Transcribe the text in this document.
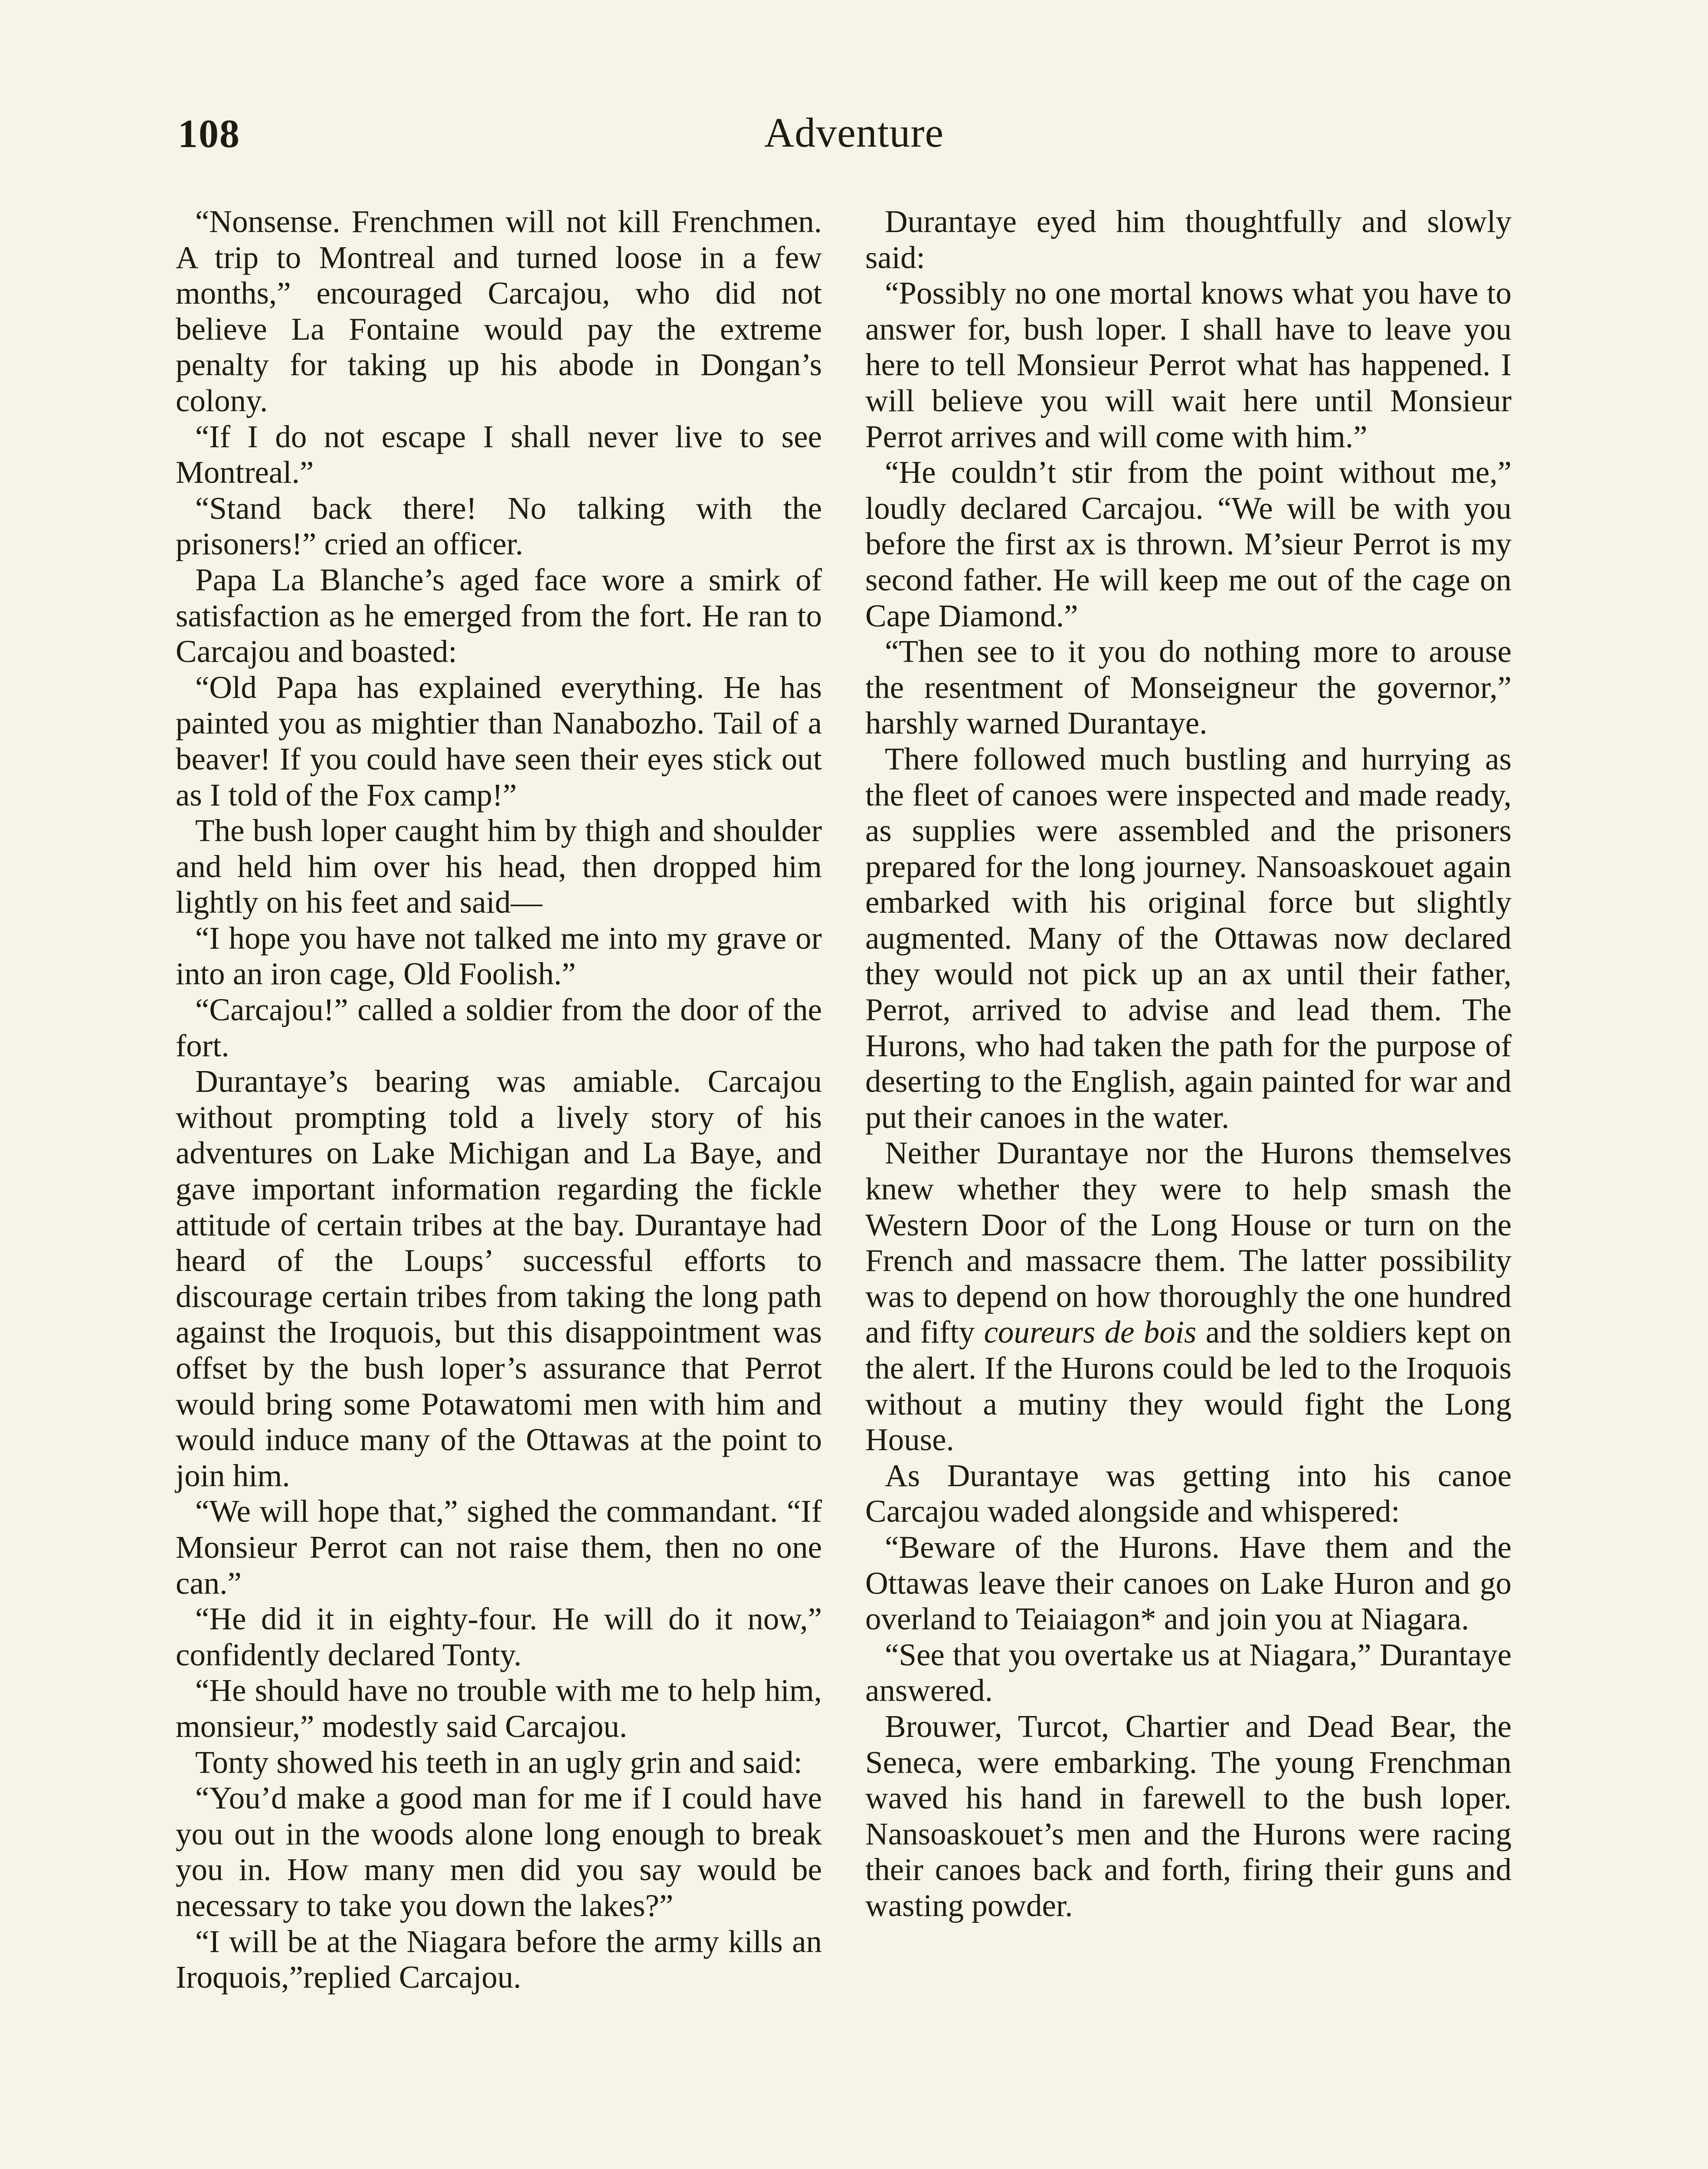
108	Adventure

“Nonsense. Frenchmen will not kill Frenchmen. A trip to Montreal and turned loose in a few months,” encouraged Carcajou, who did not believe La Fontaine would pay the extreme penalty for taking up his abode in Dongan’s colony.

“If I do not escape I shall never live to see Montreal.”

“Stand back there! No talking with the prisoners!” cried an officer.

Papa La Blanche’s aged face wore a smirk of satisfaction as he emerged from the fort. He ran to Carcajou and boasted:

“Old Papa has explained everything. He has painted you as mightier than Nanabozho. Tail of a beaver! If you could have seen their eyes stick out as I told of the Fox camp!”

The bush loper caught him by thigh and shoulder and held him over his head, then dropped him lightly on his feet and said—

“I hope you have not talked me into my grave or into an iron cage, Old Foolish.”

“Carcajou!” called a soldier from the door of the fort.

Durantaye’s bearing was amiable. Carcajou without prompting told a lively story of his adventures on Lake Michigan and La Baye, and gave important information regarding the fickle attitude of certain tribes at the bay. Durantaye had heard of the Loups’ successful efforts to discourage certain tribes from taking the long path against the Iroquois, but this disappointment was offset by the bush loper’s assurance that Perrot would bring some Potawatomi men with him and would induce many of the Ottawas at the point to join him.

“We will hope that,” sighed the commandant. “If Monsieur Perrot can not raise them, then no one can.”

“He did it in eighty-four. He will do it now,” confidently declared Tonty.

“He should have no trouble with me to help him, monsieur,” modestly said Carcajou.

Tonty showed his teeth in an ugly grin and said:

“You’d make a good man for me if I could have you out in the woods alone long enough to break you in. How many men did you say would be necessary to take you down the lakes?”

“I will be at the Niagara before the army kills an Iroquois,”replied Carcajou.

Durantaye eyed him thoughtfully and slowly said:

“Possibly no one mortal knows what you have to answer for, bush loper. I shall have to leave you here to tell Monsieur Perrot what has happened. I will believe you will wait here until Monsieur Perrot arrives and will come with him.”

“He couldn’t stir from the point without me,” loudly declared Carcajou. “We will be with you before the first ax is thrown. M’sieur Perrot is my second father. He will keep me out of the cage on Cape Diamond.”

“Then see to it you do nothing more to arouse the resentment of Monseigneur the governor,” harshly warned Durantaye.

There followed much bustling and hurrying as the fleet of canoes were inspected and made ready, as supplies were assembled and the prisoners prepared for the long journey. Nansoaskouet again embarked with his original force but slightly augmented. Many of the Ottawas now declared they would not pick up an ax until their father, Perrot, arrived to advise and lead them. The Hurons, who had taken the path for the purpose of deserting to the English, again painted for war and put their canoes in the water.

Neither Durantaye nor the Hurons themselves knew whether they were to help smash the Western Door of the Long House or turn on the French and massacre them. The latter possibility was to depend on how thoroughly the one hundred and fifty coureurs de bois and the soldiers kept on the alert. If the Hurons could be led to the Iroquois without a mutiny they would fight the Long House.

As Durantaye was getting into his canoe Carcajou waded alongside and whispered:

“Beware of the Hurons. Have them and the Ottawas leave their canoes on Lake Huron and go overland to Teiaiagon* and join you at Niagara.

“See that you overtake us at Niagara,” Durantaye answered.

Brouwer, Turcot, Chartier and Dead Bear, the Seneca, were embarking. The young Frenchman waved his hand in farewell to the bush loper. Nansoaskouet’s men and the Hurons were racing their canoes back and forth, firing their guns and wasting powder.
